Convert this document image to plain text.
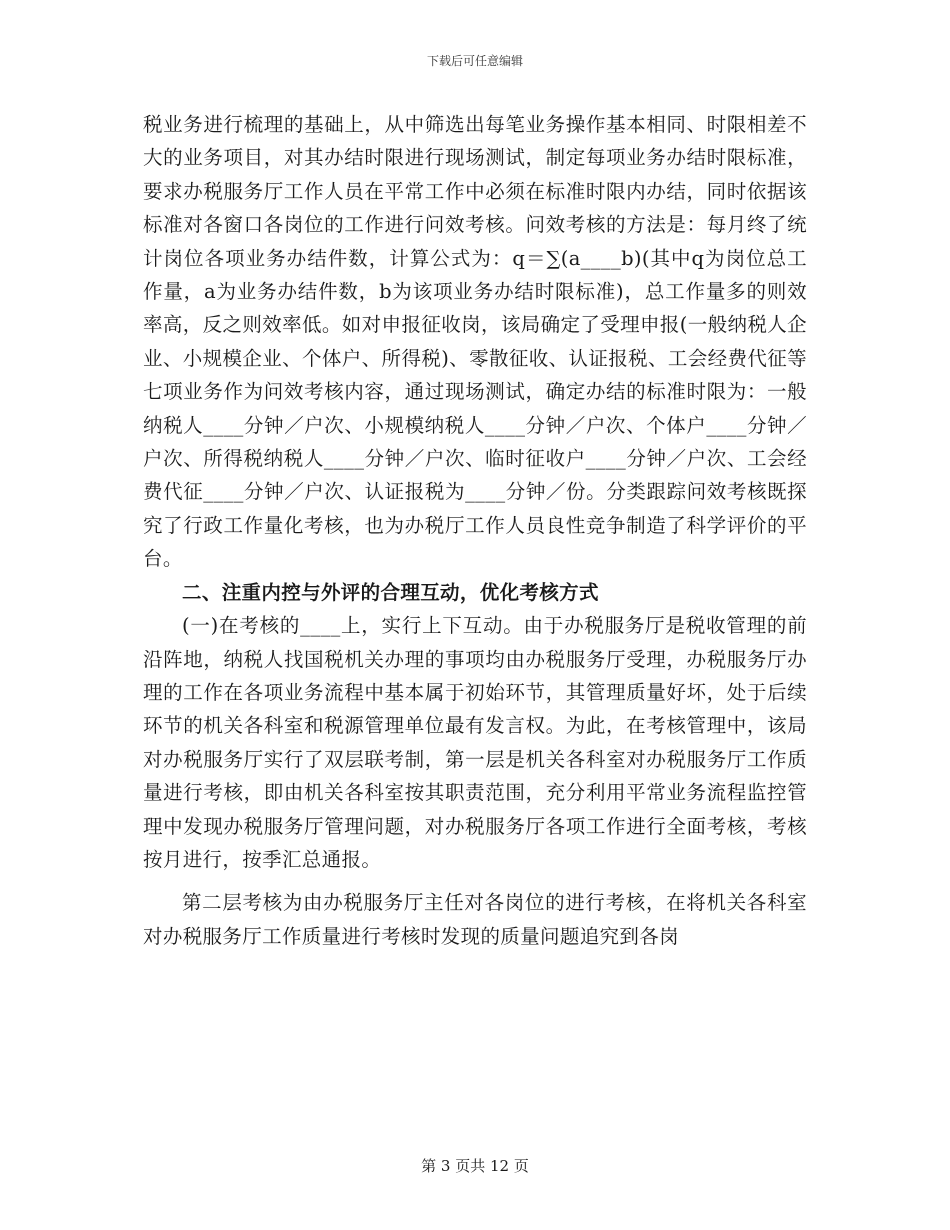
下载后可任意编辑

税业务进行梳理的基础上，从中筛选出每笔业务操作基本相同、时限相差不大的业务项目，对其办结时限进行现场测试，制定每项业务办结时限标准，要求办税服务厅工作人员在平常工作中必须在标准时限内办结，同时依据该标准对各窗口各岗位的工作进行问效考核。问效考核的方法是：每月终了统计岗位各项业务办结件数，计算公式为：q＝∑(a____b)(其中q为岗位总工作量，a为业务办结件数，b为该项业务办结时限标准)，总工作量多的则效率高，反之则效率低。如对申报征收岗，该局确定了受理申报(一般纳税人企业、小规模企业、个体户、所得税)、零散征收、认证报税、工会经费代征等七项业务作为问效考核内容，通过现场测试，确定办结的标准时限为：一般纳税人____分钟／户次、小规模纳税人____分钟／户次、个体户____分钟／户次、所得税纳税人____分钟／户次、临时征收户____分钟／户次、工会经费代征____分钟／户次、认证报税为____分钟／份。分类跟踪问效考核既探究了行政工作量化考核，也为办税厅工作人员良性竞争制造了科学评价的平台。

二、注重内控与外评的合理互动，优化考核方式

(一)在考核的____上，实行上下互动。由于办税服务厅是税收管理的前沿阵地，纳税人找国税机关办理的事项均由办税服务厅受理，办税服务厅办理的工作在各项业务流程中基本属于初始环节，其管理质量好坏，处于后续环节的机关各科室和税源管理单位最有发言权。为此，在考核管理中，该局对办税服务厅实行了双层联考制，第一层是机关各科室对办税服务厅工作质量进行考核，即由机关各科室按其职责范围，充分利用平常业务流程监控管理中发现办税服务厅管理问题，对办税服务厅各项工作进行全面考核，考核按月进行，按季汇总通报。

第二层考核为由办税服务厅主任对各岗位的进行考核，在将机关各科室对办税服务厅工作质量进行考核时发现的质量问题追究到各岗

第 3 页共 12 页
